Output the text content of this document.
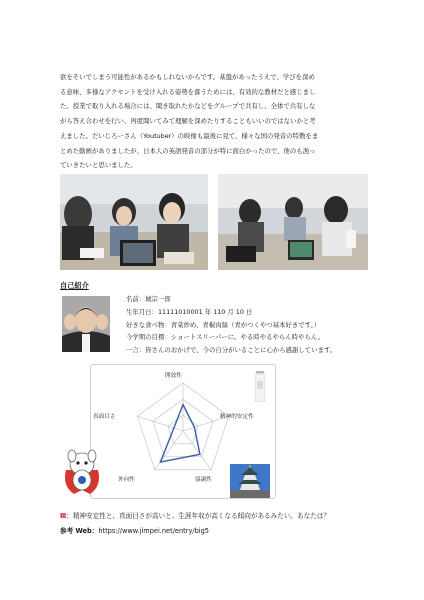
欲をそいでしまう可能性があるかもしれないからです。基盤があったうえで、学びを深め

る意味、多様なアクセントを受け入れる姿勢を養うためには、有効的な教材だと感じまし

た。授業で取り入れる場合には、聞き取れたかなどをグループで共有し、全体で共有しな

がら答え合わせを行い、再度聞いてみて理解を深めたりすることもいいのではないかと考

えました。だいじろーさん（Youtuber）の映像も最後に見て、様々な国の発音の特徴をま

とめた動画がありましたが、日本人の英語発音の部分が特に面白かったので、他のも漁っ

ていきたいと思いました。

自己紹介

名前：城宗一郎

生年月日：11111010001 年 110 月 10 日

好きな食べ物：青菜炒め、青椒肉絲（青がつくやつ基本好きです。）

今学期の目標：ショートスリーパーに。やる時やるやらん時やらん。

一言：皆さんのおかげで、今の自分がいることに心から感謝しています。

開放性
精神的安定性
協調性
外向性
真面目さ
Ⅲ：精神安定性と、真面目さが高いと、生涯年収が高くなる傾向があるみたい。あなたは？
参考 Web：https://www.jimpei.net/entry/big5
